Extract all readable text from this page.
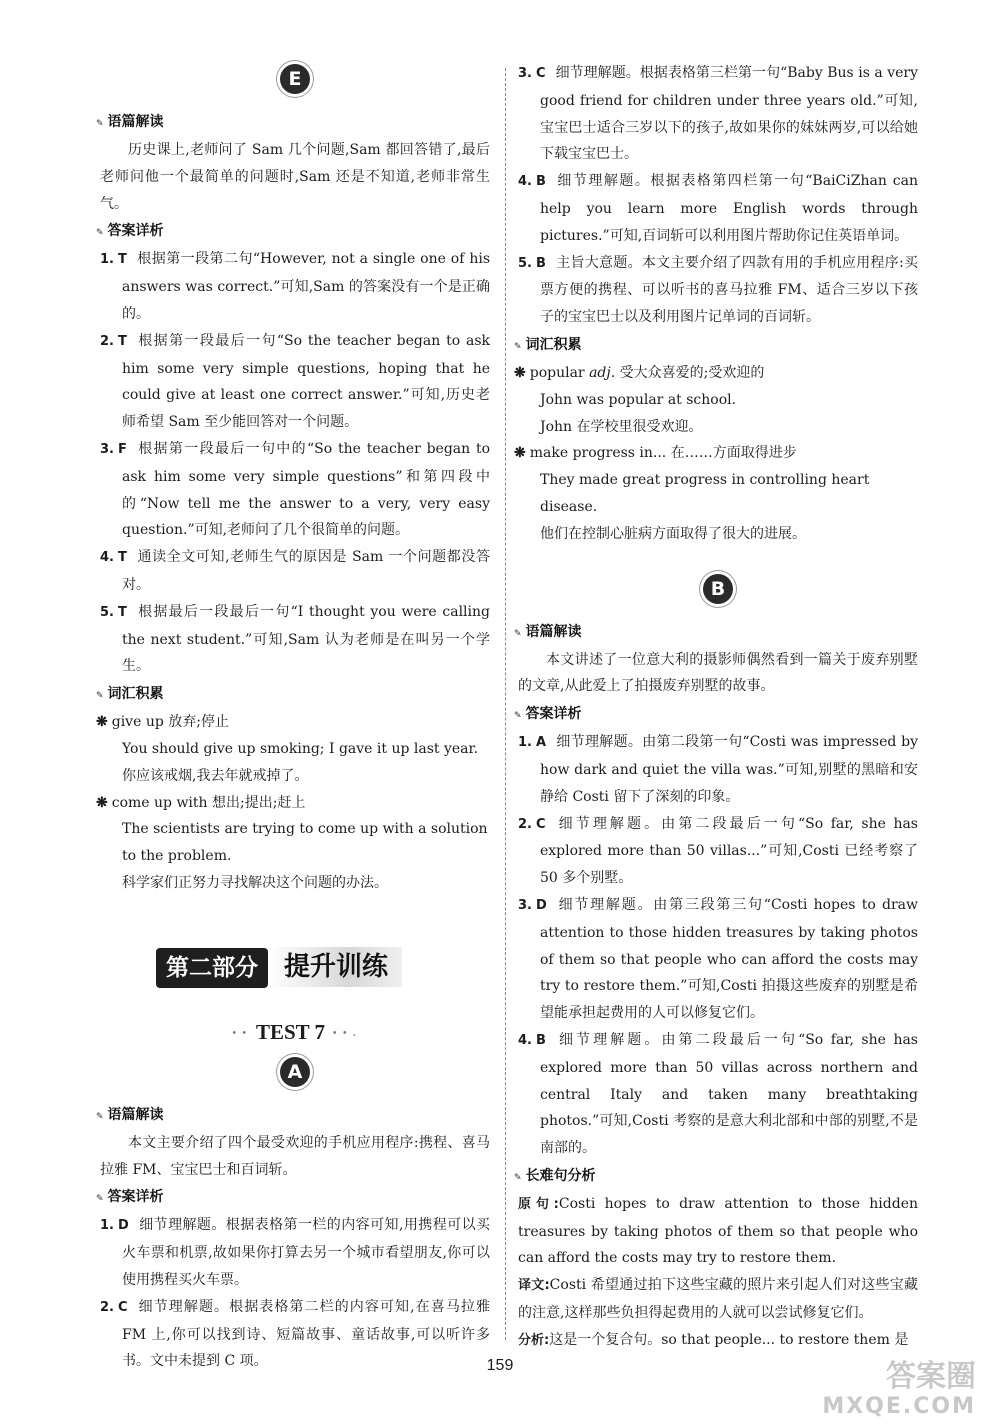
E
✎ 语篇解读

历史课上,老师问了 Sam 几个问题,Sam 都回答错了,最后老师问他一个最简单的问题时,Sam 还是不知道,老师非常生气。

✎ 答案详析

1. T 根据第一段第二句“However, not a single one of his answers was correct.”可知,Sam 的答案没有一个是正确的。

2. T 根据第一段最后一句“So the teacher began to ask him some very simple questions, hoping that he could give at least one correct answer.”可知,历史老师希望 Sam 至少能回答对一个问题。

3. F 根据第一段最后一句中的“So the teacher began to ask him some very simple questions”和第四段中的“Now tell me the answer to a very, very easy question.”可知,老师问了几个很简单的问题。

4. T 通读全文可知,老师生气的原因是 Sam 一个问题都没答对。

5. T 根据最后一段最后一句“I thought you were calling the next student.”可知,Sam 认为老师是在叫另一个学生。

✎ 词汇积累

❋ give up 放弃;停止

You should give up smoking; I gave it up last year.

你应该戒烟,我去年就戒掉了。

❋ come up with 想出;提出;赶上

The scientists are trying to come up with a solution to the problem.

科学家们正努力寻找解决这个问题的办法。

第二部分 提升训练
• • TEST 7 • • .
A
✎ 语篇解读

本文主要介绍了四个最受欢迎的手机应用程序:携程、喜马拉雅 FM、宝宝巴士和百词斩。

✎ 答案详析

1. D 细节理解题。根据表格第一栏的内容可知,用携程可以买火车票和机票,故如果你打算去另一个城市看望朋友,你可以使用携程买火车票。

2. C 细节理解题。根据表格第二栏的内容可知,在喜马拉雅 FM 上,你可以找到诗、短篇故事、童话故事,可以听许多书。文中未提到 C 项。

3. C 细节理解题。根据表格第三栏第一句“Baby Bus is a very good friend for children under three years old.”可知,宝宝巴士适合三岁以下的孩子,故如果你的妹妹两岁,可以给她下载宝宝巴士。

4. B 细节理解题。根据表格第四栏第一句“BaiCiZhan can help you learn more English words through pictures.”可知,百词斩可以利用图片帮助你记住英语单词。

5. B 主旨大意题。本文主要介绍了四款有用的手机应用程序:买票方便的携程、可以听书的喜马拉雅 FM、适合三岁以下孩子的宝宝巴士以及利用图片记单词的百词斩。

✎ 词汇积累

❋ popular adj. 受大众喜爱的;受欢迎的

John was popular at school.

John 在学校里很受欢迎。

❋ make progress in... 在……方面取得进步

They made great progress in controlling heart disease.

他们在控制心脏病方面取得了很大的进展。

B
✎ 语篇解读

本文讲述了一位意大利的摄影师偶然看到一篇关于废弃别墅的文章,从此爱上了拍摄废弃别墅的故事。

✎ 答案详析

1. A 细节理解题。由第二段第一句“Costi was impressed by how dark and quiet the villa was.”可知,别墅的黑暗和安静给 Costi 留下了深刻的印象。

2. C 细节理解题。由第二段最后一句“So far, she has explored more than 50 villas...”可知,Costi 已经考察了 50 多个别墅。

3. D 细节理解题。由第三段第三句“Costi hopes to draw attention to those hidden treasures by taking photos of them so that people who can afford the costs may try to restore them.”可知,Costi 拍摄这些废弃的别墅是希望能承担起费用的人可以修复它们。

4. B 细节理解题。由第二段最后一句“So far, she has explored more than 50 villas across northern and central Italy and taken many breathtaking photos.”可知,Costi 考察的是意大利北部和中部的别墅,不是南部的。

✎ 长难句分析

原句:Costi hopes to draw attention to those hidden treasures by taking photos of them so that people who can afford the costs may try to restore them.

译文:Costi 希望通过拍下这些宝藏的照片来引起人们对这些宝藏的注意,这样那些负担得起费用的人就可以尝试修复它们。

分析:这是一个复合句。so that people... to restore them 是

159	答案圈
MXQE.COM
